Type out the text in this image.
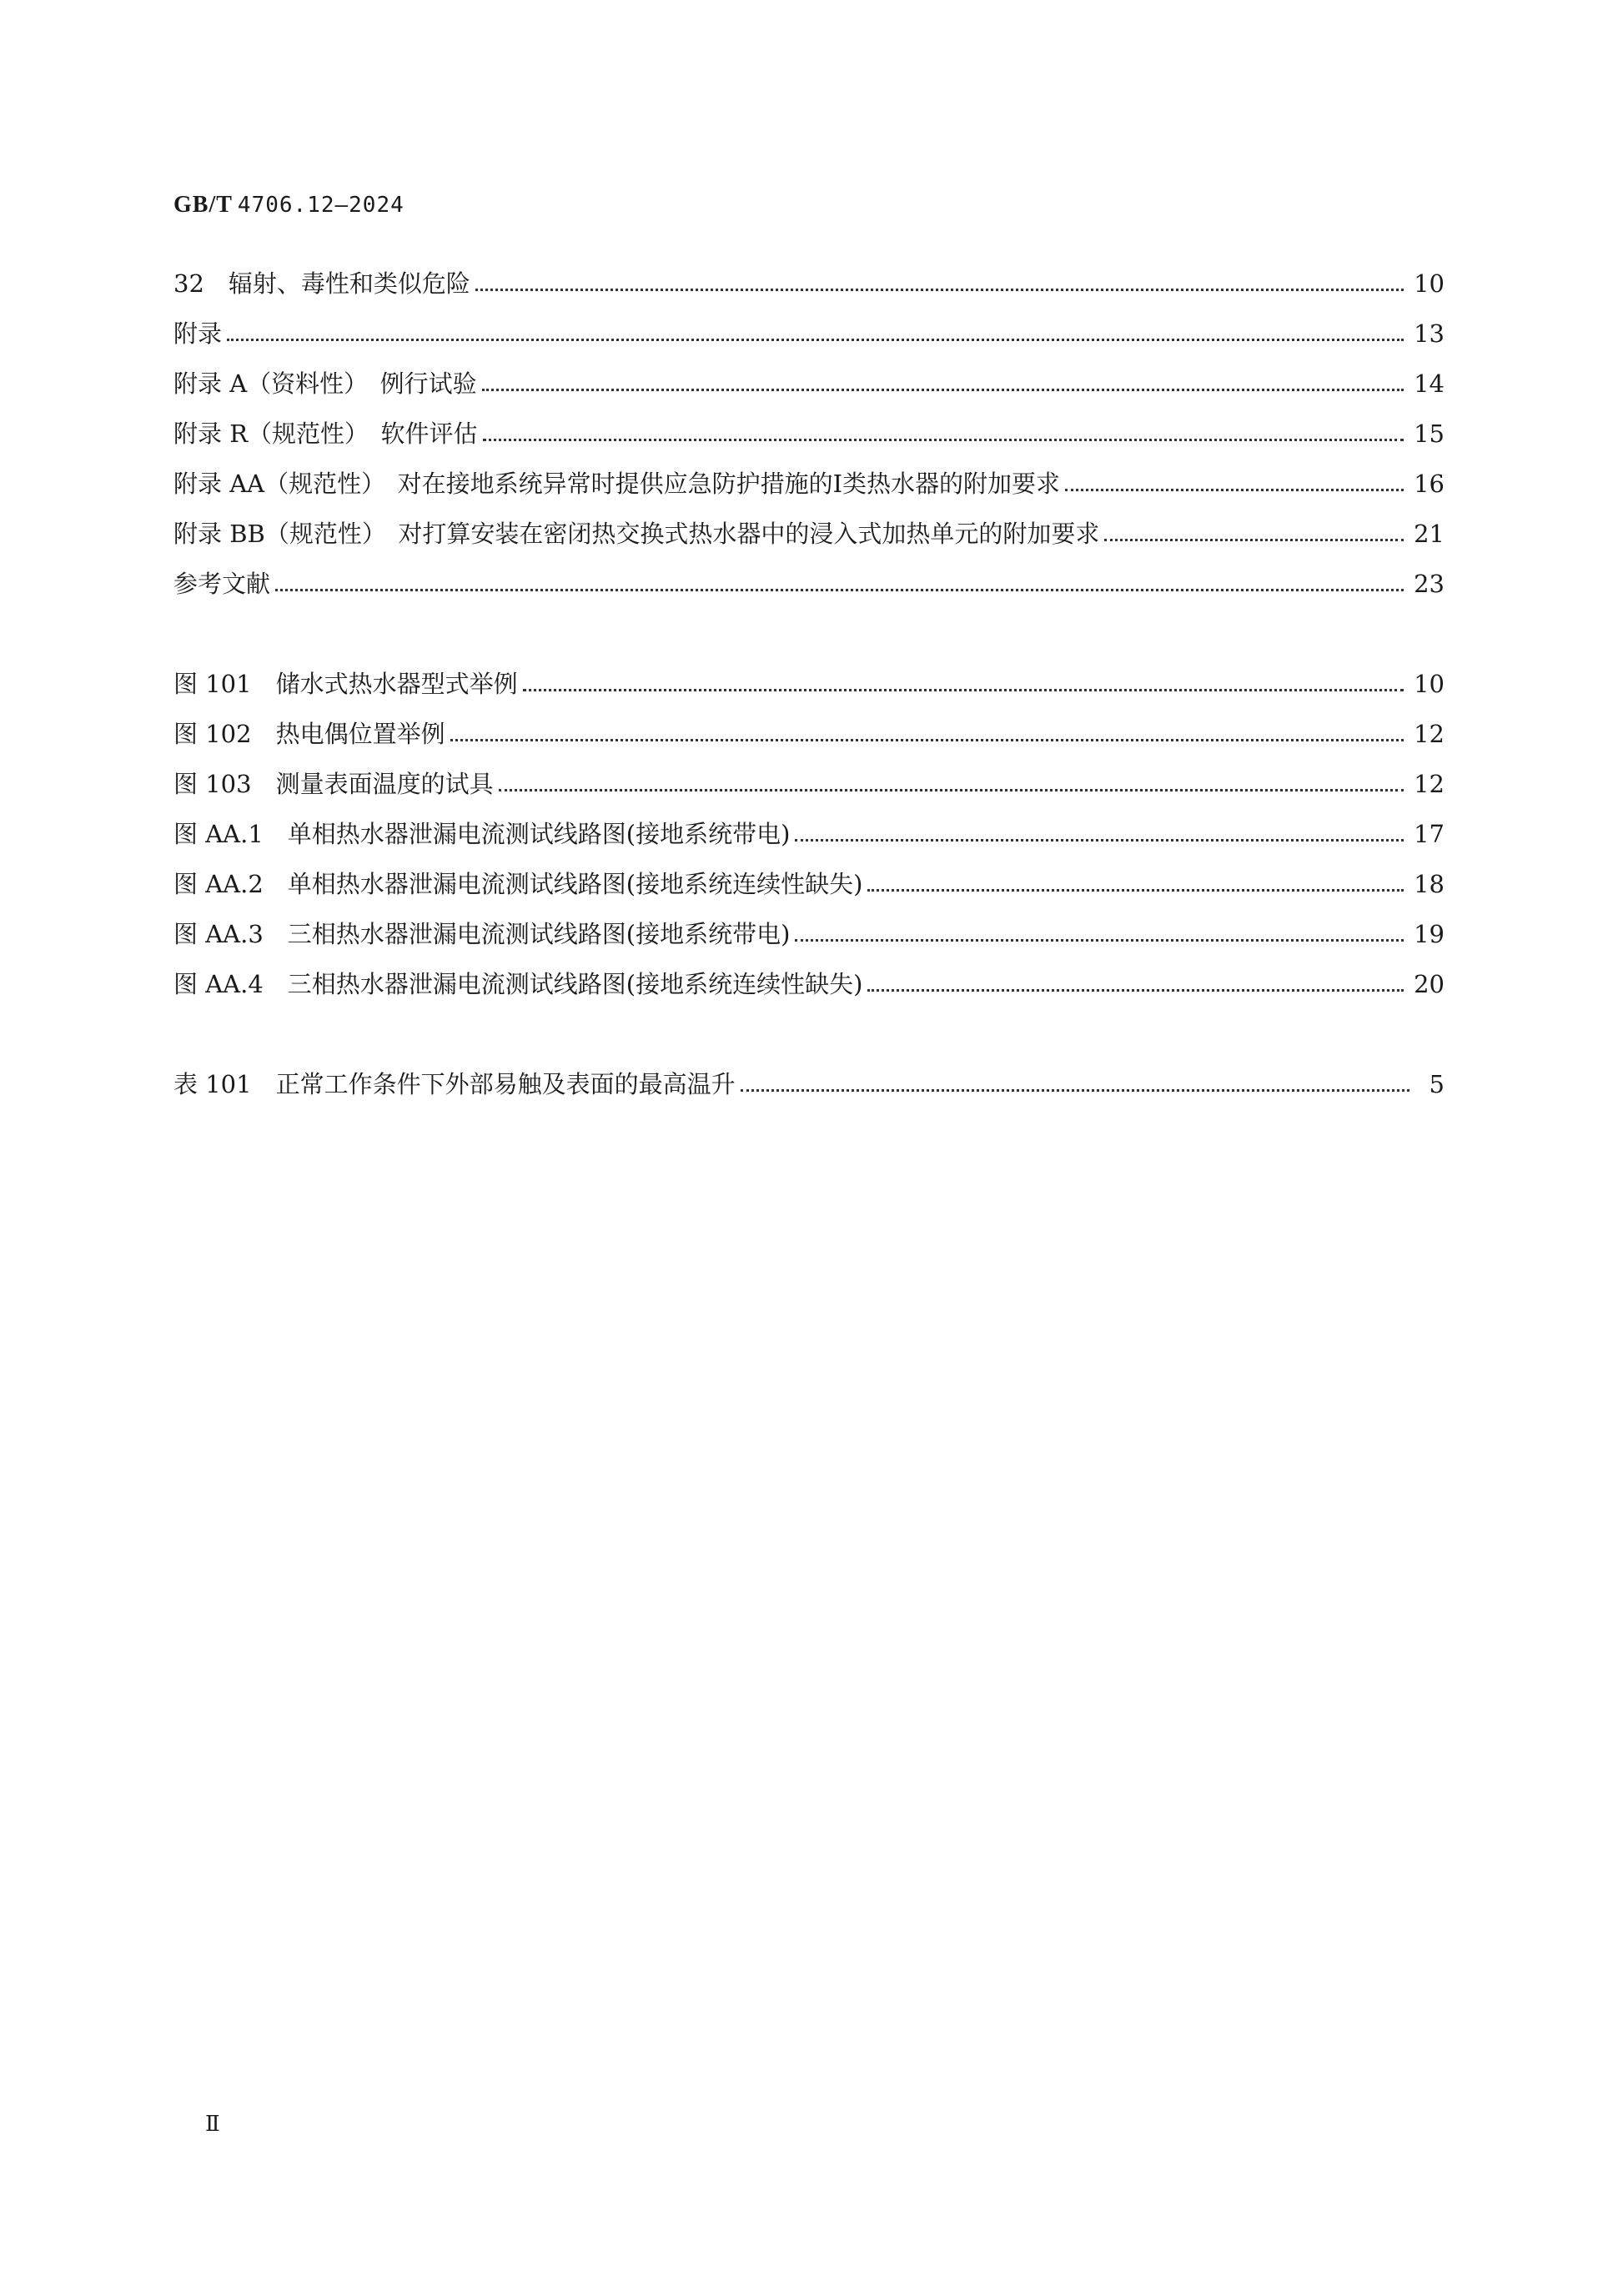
GB/T 4706.12—2024
32　辐射、毒性和类似危险	10
附录	13
附录 A（资料性）　例行试验	14
附录 R（规范性）　软件评估	15
附录 AA（规范性）　对在接地系统异常时提供应急防护措施的Ⅰ类热水器的附加要求	16
附录 BB（规范性）　对打算安装在密闭热交换式热水器中的浸入式加热单元的附加要求	21
参考文献	23
图 101　储水式热水器型式举例	10
图 102　热电偶位置举例	12
图 103　测量表面温度的试具	12
图 AA.1　单相热水器泄漏电流测试线路图(接地系统带电)	17
图 AA.2　单相热水器泄漏电流测试线路图(接地系统连续性缺失)	18
图 AA.3　三相热水器泄漏电流测试线路图(接地系统带电)	19
图 AA.4　三相热水器泄漏电流测试线路图(接地系统连续性缺失)	20
表 101　正常工作条件下外部易触及表面的最高温升	5
Ⅱ
